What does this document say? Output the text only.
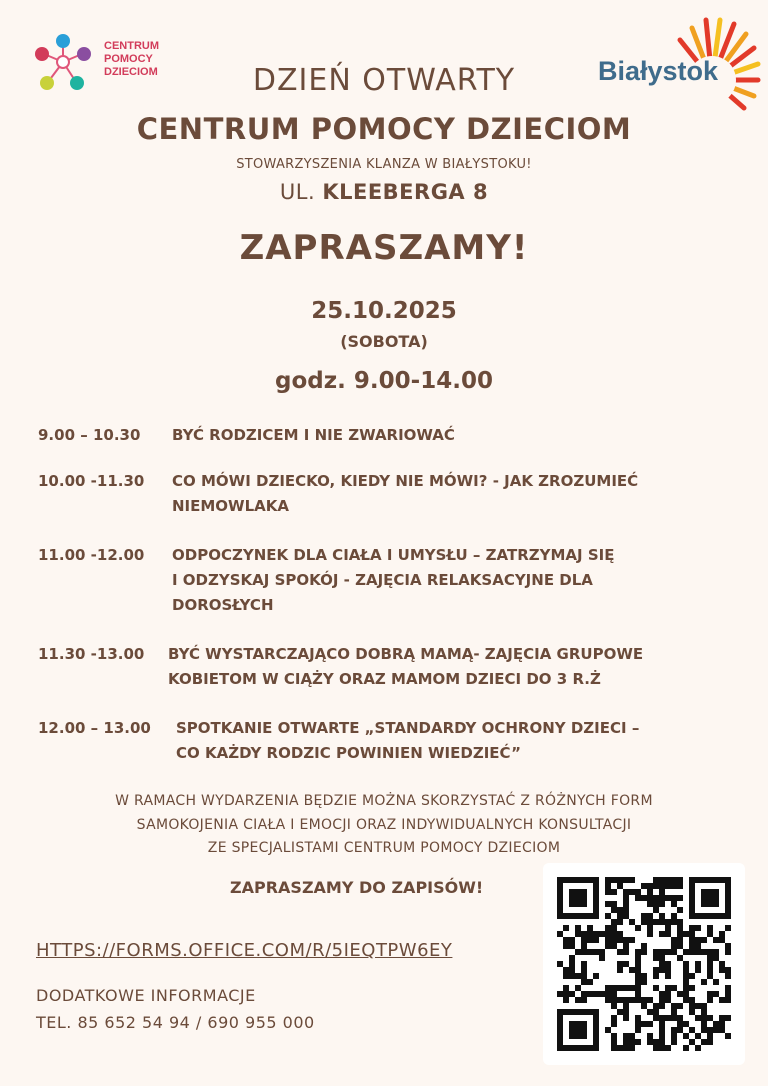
CENTRUM
POMOCY
DZIECIOM	Białystok
DZIEŃ OTWARTY
CENTRUM POMOCY DZIECIOM
STOWARZYSZENIA KLANZA W BIAŁYSTOKU!
UL. KLEEBERGA 8
ZAPRASZAMY!
25.10.2025
(SOBOTA)
godz. 9.00-14.00
9.00 – 10.30 BYĆ RODZICEM I NIE ZWARIOWAĆ
10.00 -11.30 CO MÓWI DZIECKO, KIEDY NIE MÓWI? - JAK ZROZUMIEĆ
NIEMOWLAKA
11.00 -12.00 ODPOCZYNEK DLA CIAŁA I UMYSŁU – ZATRZYMAJ SIĘ
I ODZYSKAJ SPOKÓJ - ZAJĘCIA RELAKSACYJNE DLA
DOROSŁYCH
11.30 -13.00 BYĆ WYSTARCZAJĄCO DOBRĄ MAMĄ- ZAJĘCIA GRUPOWE
KOBIETOM W CIĄŻY ORAZ MAMOM DZIECI DO 3 R.Ż
12.00 – 13.00 SPOTKANIE OTWARTE „STANDARDY OCHRONY DZIECI –
CO KAŻDY RODZIC POWINIEN WIEDZIEĆ”
W RAMACH WYDARZENIA BĘDZIE MOŻNA SKORZYSTAĆ Z RÓŻNYCH FORM
SAMOKOJENIA CIAŁA I EMOCJI ORAZ INDYWIDUALNYCH KONSULTACJI
ZE SPECJALISTAMI CENTRUM POMOCY DZIECIOM
ZAPRASZAMY DO ZAPISÓW!
HTTPS://FORMS.OFFICE.COM/R/5IEQTPW6EY
DODATKOWE INFORMACJE
TEL. 85 652 54 94 / 690 955 000
